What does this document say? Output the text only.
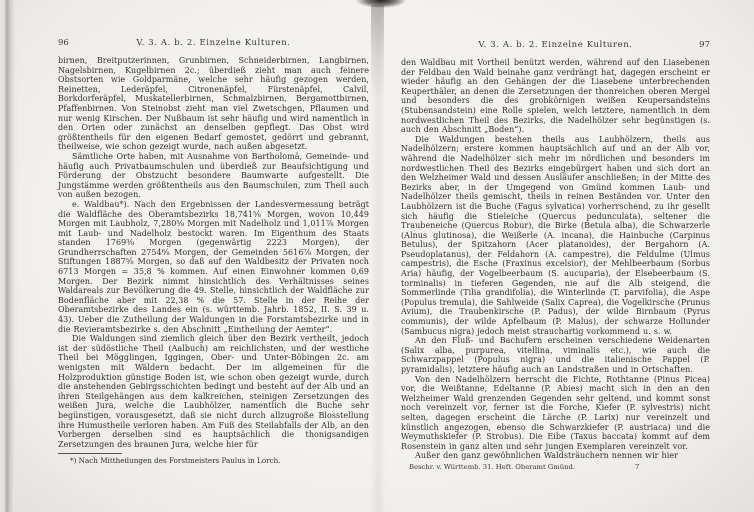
96	V. 3. A. b. 2. Einzelne Kulturen.

birnen, Breitputzerinnen, Grunbirnen, Schneiderbirnen, Langbirnen, Nagelsbirnen, Kugelbirnen 2c.; überdieß zieht man auch feinere Obstsorten wie Goldparmäne, welche sehr häufig gezogen werden, Reinetten, Lederäpfel, Citronenäpfel, Fürstenäpfel, Calvil, Borkdorferäpfel, Muskatellerbirnen, Schmalzbirnen, Bergamottbirnen, Pfaffenbirnen. Von Steinobst zieht man viel Zwetschgen, Pflaumen und nur wenig Kirschen. Der Nußbaum ist sehr häufig und wird namentlich in den Orten oder zunächst an denselben gepflegt. Das Obst wird größtentheils für den eigenen Bedarf gemostet, gedörrt und gebrannt, theilweise, wie schon gezeigt wurde, nach außen abgesetzt.

Sämtliche Orte haben, mit Ausnahme von Bartholomä, Gemeinde- und häufig auch Privatbaumschulen und überdieß zur Beaufsichtigung und Förderung der Obstzucht besondere Baumwarte aufgestellt. Die Jungstämme werden größtentheils aus den Baumschulen, zum Theil auch von außen bezogen.

e. Waldbau*). Nach den Ergebnissen der Landesvermessung beträgt die Waldfläche des Oberamtsbezirks 18,741⁵⁄₈ Morgen, wovon 10,449 Morgen mit Laubholz, 7,280⁵⁄₈ Morgen mit Nadelholz und 1,011⁷⁄₈ Morgen mit Laub- und Nadelholz bestockt waren. Im Eigenthum des Staats standen 1769³⁄₈ Morgen (gegenwärtig 2223 Morgen), der Grundherrschaften 2754⁶⁄₈ Morgen, der Gemeinden 5616⁷⁄₈ Morgen, der Stiftungen 1887⁵⁄₈ Morgen, so daß auf den Waldbesitz der Privaten noch 6713 Morgen = 35,8 % kommen. Auf einen Einwohner kommen 0,69 Morgen. Der Bezirk nimmt hinsichtlich des Verhältnisses seines Waldareals zur Bevölkerung die 49. Stelle, hinsichtlich der Waldfläche zur Bodenfläche aber mit 22,38 % die 57. Stelle in der Reihe der Oberamtsbezirke des Landes ein (s. württemb. Jahrb. 1852, II. S. 39 u. 43). Ueber die Zutheilung der Waldungen in die Forstamtsbezirke und in die Revieramtsbezirke s. den Abschnitt „Eintheilung der Aemter“.

Die Waldungen sind ziemlich gleich über den Bezirk vertheilt, jedoch ist der südöstliche Theil (Aalbuch) am reichlichsten, und der westliche Theil bei Mögglingen, Iggingen, Ober- und Unter-Böbingen 2c. am wenigsten mit Wäldern bedacht. Der im allgemeinen für die Holzproduktion günstige Boden ist, wie schon oben gezeigt wurde, durch die anstehenden Gebirgsschichten bedingt und besteht auf der Alb und an ihren Steilgehängen aus dem kalkreichen, steinigen Zersetzungen des weißen Jura, welche die Laubhölzer, namentlich die Buche sehr begünstigen, vorausgesetzt, daß sie nicht durch allzugroße Blosstellung ihre Humustheile verloren haben. Am Fuß des Steilabfalls der Alb, an den Vorbergen derselben sind es hauptsächlich die thonigsandigen Zersetzungen des braunen Jura, welche hier für

*) Nach Mittheilungen des Forstmeisters Paulus in Lorch.

V. 3. A. b. 2. Einzelne Kulturen.	97

den Waldbau mit Vortheil benützt werden, während auf den Liasebenen der Feldbau den Wald beinahe ganz verdrängt hat, dagegen erscheint er wieder häufig an den Gehängen der die Liasebene unterbrechenden Keuperthäler, an denen die Zersetzungen der thonreichen oberen Mergel und besonders die des grobkörnigen weißen Keupersandsteins (Stubensandstein) eine Rolle spielen, welch letztere, namentlich in dem nordwestlichen Theil des Bezirks, die Nadelhölzer sehr begünstigen (s. auch den Abschnitt „Boden“).

Die Waldungen bestehen theils aus Laubhölzern, theils aus Nadelhölzern; erstere kommen hauptsächlich auf und an der Alb vor, während die Nadelhölzer sich mehr im nördlichen und besonders im nordwestlichen Theil des Bezirks eingebürgert haben und sich dort an den Welzheimer Wald und dessen Ausläufer anschließen; in der Mitte des Bezirks aber, in der Umgegend von Gmünd kommen Laub- und Nadelhölzer theils gemischt, theils in reinen Beständen vor. Unter den Laubhölzern ist die Buche (Fagus sylvatica) vorherrschend, zu ihr gesellt sich häufig die Stieleiche (Quercus pedunculata), seltener die Traubeneiche (Quercus Robur), die Birke (Betula alba), die Schwarzerle (Alnus glutinosa), die Weißerle (A. incana), die Hainbuche (Carpinus Betulus), der Spitzahorn (Acer platanoides), der Bergahorn (A. Pseudoplatanus), der Feldahorn (A. campestre), die Feldulme (Ulmus campestris), die Esche (Fraxinus excelsior), der Mehlbeerbaum (Sorbus Aria) häufig, der Vogelbeerbaum (S. aucuparia), der Elsebeerbaum (S. torminalis) in tieferen Gegenden, nie auf die Alb steigend, die Sommerlinde (Tilia grandifolia), die Winterlinde (T. parvifolia), die Aspe (Populus tremula), die Sahlweide (Salix Caprea), die Vogelkirsche (Prunus Avium), die Traubenkirsche (P. Padus), der wilde Birnbaum (Pyrus communis), der wilde Apfelbaum (P. Malus), der schwarze Hollunder (Sambucus nigra) jedoch meist strauchartig vorkommend u. s. w.

An den Fluß- und Bachufern erscheinen verschiedene Weidenarten (Salix alba, purpurea, vitellina, viminalis etc.), wie auch die Schwarzpappel (Populus nigra) und die italienische Pappel (P. pyramidalis), letztere häufig auch an Landstraßen und in Ortschaften.

Von den Nadelhölzern herrscht die Fichte, Rothtanne (Pinus Picea) vor, die Weißtanne, Edeltanne (P. Abies) macht sich in den an den Welzheimer Wald grenzenden Gegenden sehr geltend, und kommt sonst noch vereinzelt vor, ferner ist die Forche, Kiefer (P. sylvestris) nicht selten, dagegen erscheint die Lärche (P. Larix) nur vereinzelt und künstlich angezogen, ebenso die Schwarzkiefer (P. austriaca) und die Weymuthskiefer (P. Strobus). Die Eibe (Taxus baccata) kommt auf dem Rosenstein in ganz alten und sehr jungen Exemplaren vereinzelt vor.

Außer den ganz gewöhnlichen Waldsträuchern nennen wir hier

Beschr. v. Württemb. 31. Heft. Oberamt Gmünd.	7
